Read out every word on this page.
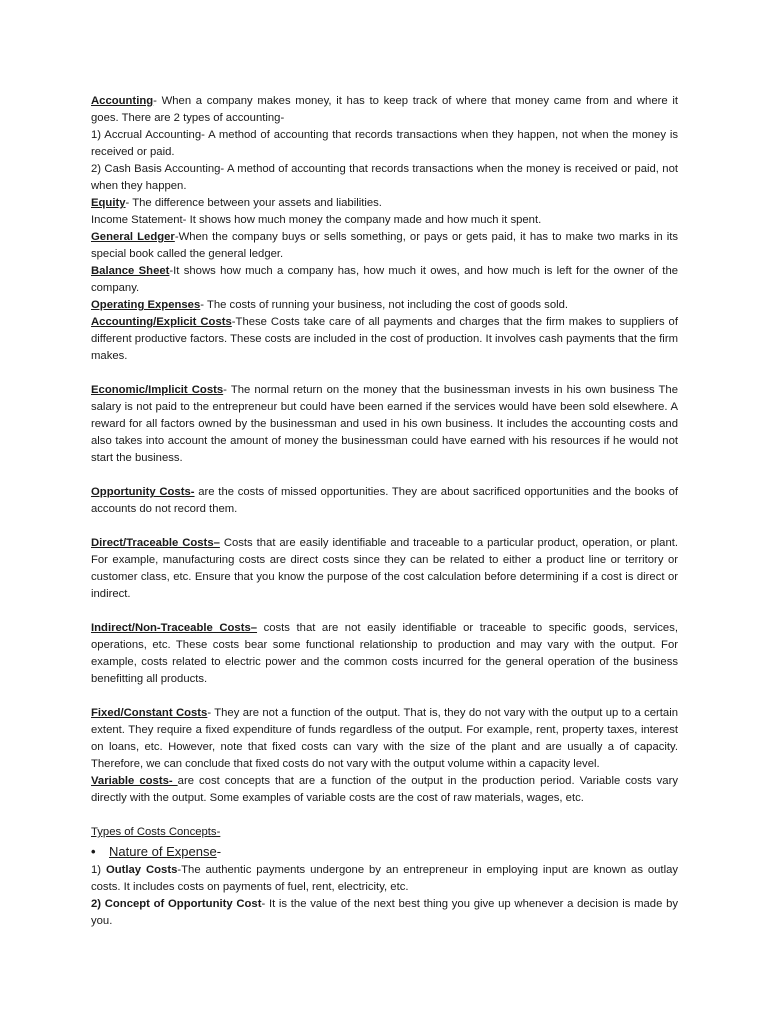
Accounting- When a company makes money, it has to keep track of where that money came from and where it goes. There are 2 types of accounting-

1) Accrual Accounting- A method of accounting that records transactions when they happen, not when the money is received or paid.

2) Cash Basis Accounting- A method of accounting that records transactions when the money is received or paid, not when they happen.

Equity- The difference between your assets and liabilities.

Income Statement- It shows how much money the company made and how much it spent.

General Ledger-When the company buys or sells something, or pays or gets paid, it has to make two marks in its special book called the general ledger.

Balance Sheet-It shows how much a company has, how much it owes, and how much is left for the owner of the company.

Operating Expenses- The costs of running your business, not including the cost of goods sold.

Accounting/Explicit Costs-These Costs take care of all payments and charges that the firm makes to suppliers of different productive factors. These costs are included in the cost of production. It involves cash payments that the firm makes.

Economic/Implicit Costs- The normal return on the money that the businessman invests in his own business The salary is not paid to the entrepreneur but could have been earned if the services would have been sold elsewhere. A reward for all factors owned by the businessman and used in his own business. It includes the accounting costs and also takes into account the amount of money the businessman could have earned with his resources if he would not start the business.

Opportunity Costs- are the costs of missed opportunities. They are about sacrificed opportunities and the books of accounts do not record them.

Direct/Traceable Costs– Costs that are easily identifiable and traceable to a particular product, operation, or plant. For example, manufacturing costs are direct costs since they can be related to either a product line or territory or customer class, etc. Ensure that you know the purpose of the cost calculation before determining if a cost is direct or indirect.

Indirect/Non-Traceable Costs– costs that are not easily identifiable or traceable to specific goods, services, operations, etc. These costs bear some functional relationship to production and may vary with the output. For example, costs related to electric power and the common costs incurred for the general operation of the business benefitting all products.

Fixed/Constant Costs- They are not a function of the output. That is, they do not vary with the output up to a certain extent. They require a fixed expenditure of funds regardless of the output. For example, rent, property taxes, interest on loans, etc. However, note that fixed costs can vary with the size of the plant and are usually a of capacity. Therefore, we can conclude that fixed costs do not vary with the output volume within a capacity level.

Variable costs- are cost concepts that are a function of the output in the production period. Variable costs vary directly with the output. Some examples of variable costs are the cost of raw materials, wages, etc.

Types of Costs Concepts-

• Nature of Expense-

1) Outlay Costs-The authentic payments undergone by an entrepreneur in employing input are known as outlay costs. It includes costs on payments of fuel, rent, electricity, etc.

2) Concept of Opportunity Cost- It is the value of the next best thing you give up whenever a decision is made by you.
